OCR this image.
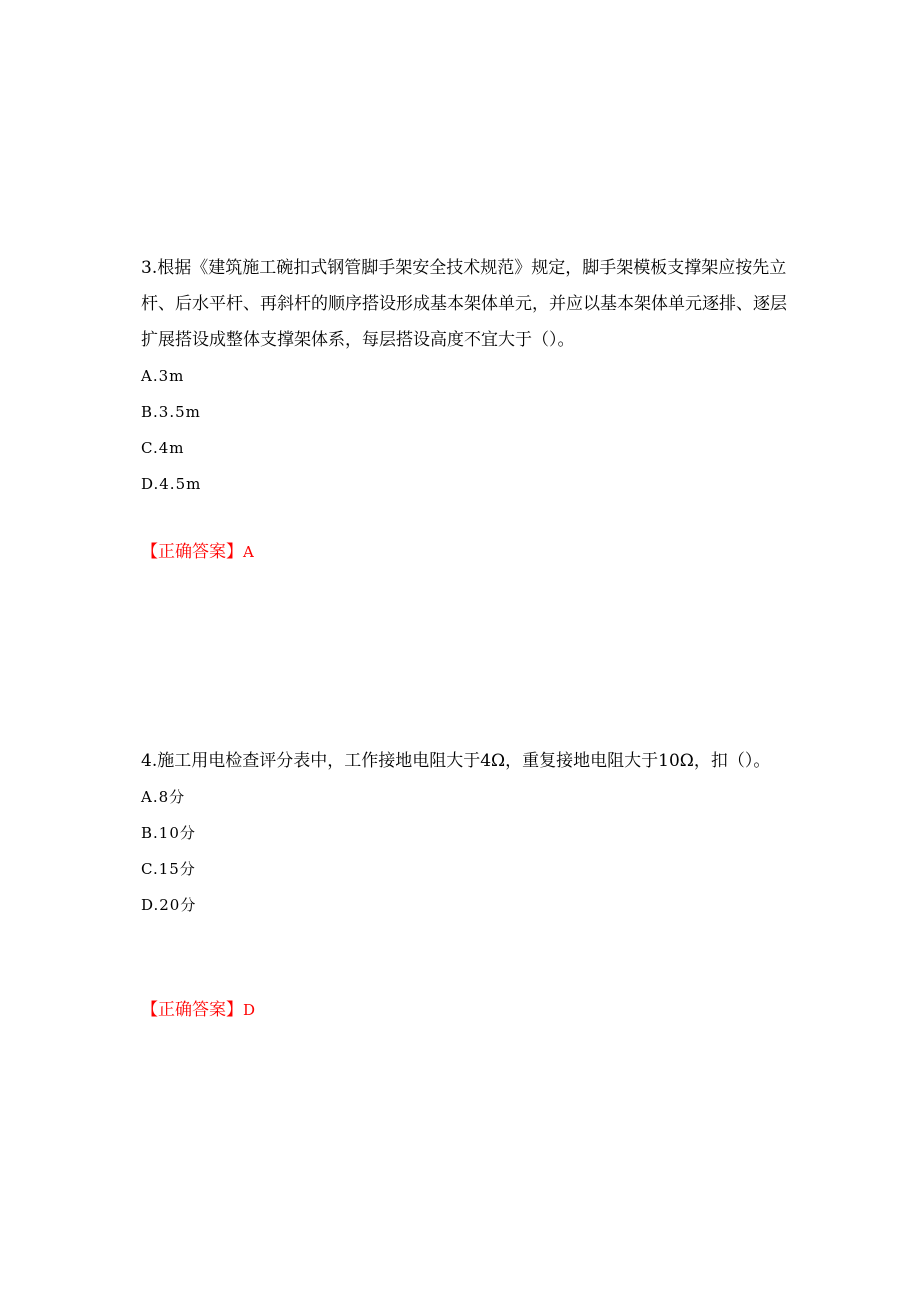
3.根据《建筑施工碗扣式钢管脚手架安全技术规范》规定，脚手架模板支撑架应按先立杆、后水平杆、再斜杆的顺序搭设形成基本架体单元，并应以基本架体单元逐排、逐层扩展搭设成整体支撑架体系，每层搭设高度不宜大于（）。

A.3m

B.3.5m

C.4m

D.4.5m

【正确答案】A

4.施工用电检查评分表中，工作接地电阻大于4Ω，重复接地电阻大于10Ω，扣（）。

A.8分

B.10分

C.15分

D.20分

【正确答案】D
